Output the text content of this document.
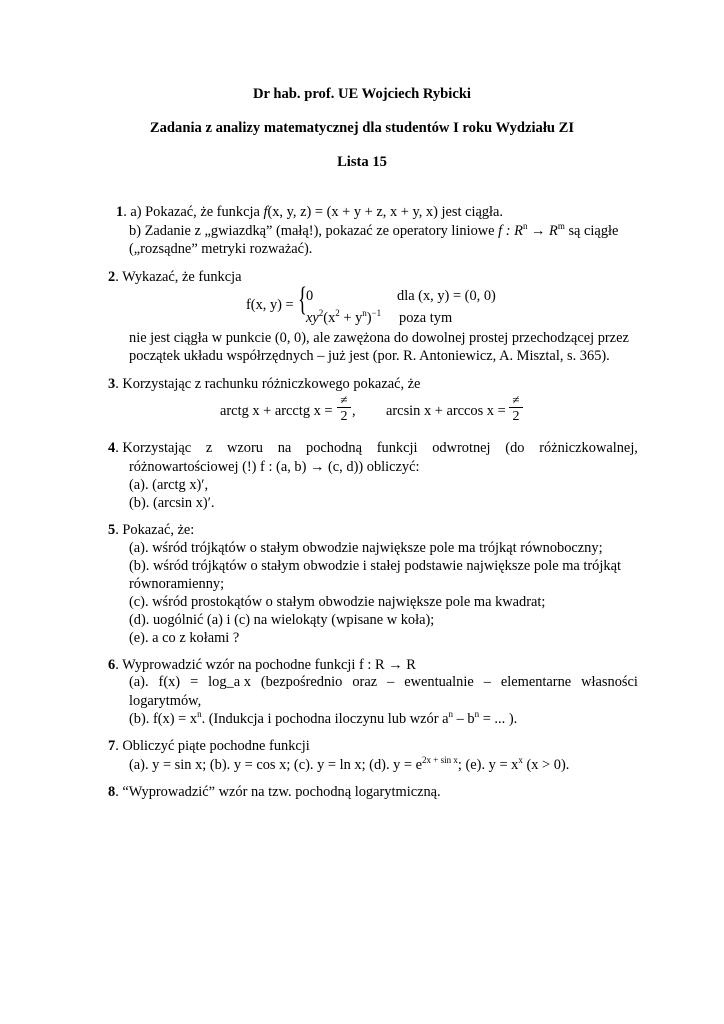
Dr hab. prof. UE Wojciech Rybicki
Zadania z analizy matematycznej dla studentów I roku Wydziału ZI
Lista 15
1. a) Pokazać, że funkcja f(x, y, z) = (x + y + z, x + y, x) jest ciągła.
b) Zadanie z „gwiazdką” (małą!), pokazać ze operatory liniowe f : $R^n \to R^m$ są ciągłe
(„rozsądne” metryki rozważać).
2. Wykazać, że funkcja
f(x, y) = { 0	dla (x, y) = (0, 0)
$xy^2(x^2 + y^n)^{-1}$ poza tym
nie jest ciągła w punkcie (0, 0), ale zawężona do dowolnej prostej przechodzącej przez
początek układu współrzędnych – już jest (por. R. Antoniewicz, A. Misztal, s. 365).
3. Korzystając z rachunku różniczkowego pokazać, że
arctg x + arcctg x =
≠
2 , arcsin x + arccos x =
≠
2
4. Korzystając z wzoru na pochodną funkcji odwrotnej (do różniczkowalnej,
różnowartościowej (!) f : (a, b) → (c, d)) obliczyć:
(a). (arctg x)′,
(b). (arcsin x)′.
5. Pokazać, że:
(a). wśród trójkątów o stałym obwodzie największe pole ma trójkąt równoboczny;
(b). wśród trójkątów o stałym obwodzie i stałej podstawie największe pole ma trójkąt
równoramienny;
(c). wśród prostokątów o stałym obwodzie największe pole ma kwadrat;
(d). uogólnić (a) i (c) na wielokąty (wpisane w koła);
(e). a co z kołami ?
6. Wyprowadzić wzór na pochodne funkcji f : R → R
(a). f(x) = log_a x (bezpośrednio oraz – ewentualnie – elementarne własności
logarytmów,
(b). $f(x) = x^n$. (Indukcja i pochodna iloczynu lub wzór $a^n - b^n$ = ... ).
7. Obliczyć piąte pochodne funkcji
(a). y = sin x; (b). y = cos x; (c). y = ln x; (d). $y = e^{2x + sin x}$; (e). $y = x^x$ (x > 0).
8. “Wyprowadzić” wzór na tzw. pochodną logarytmiczną.
